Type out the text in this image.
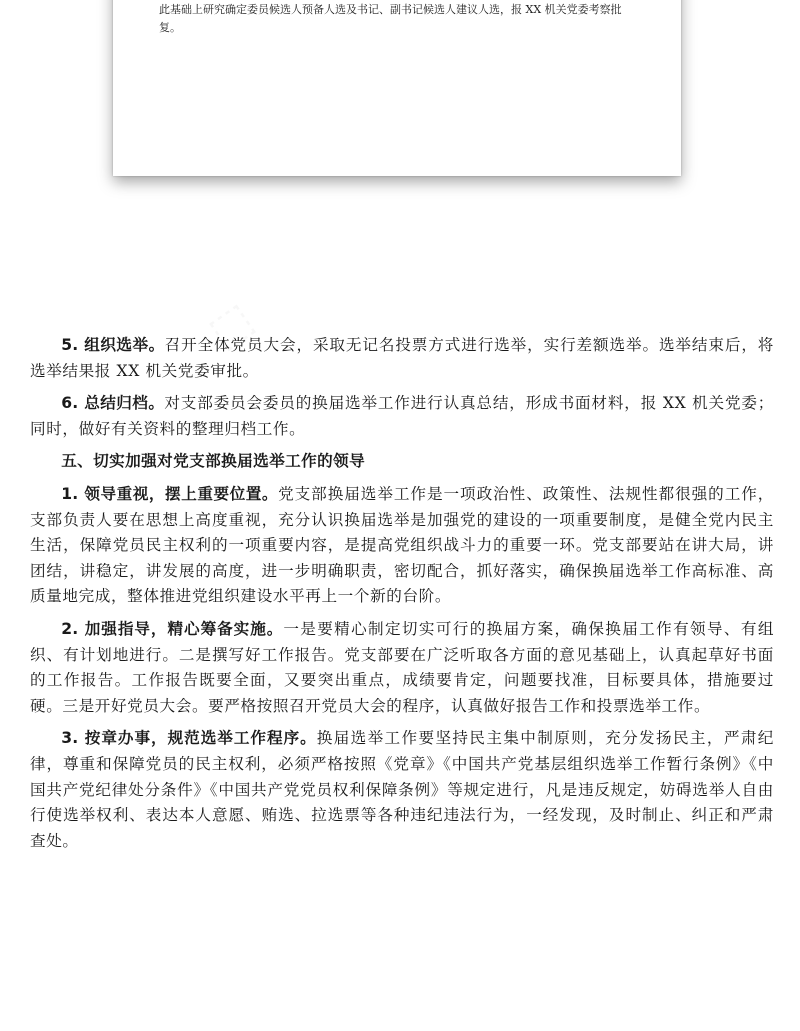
此基础上研究确定委员候选人预备人选及书记、副书记候选人建议人选，报 XX 机关党委考察批复。

⬚

5. 组织选举。召开全体党员大会，采取无记名投票方式进行选举，实行差额选举。选举结束后，将选举结果报 XX 机关党委审批。

6. 总结归档。对支部委员会委员的换届选举工作进行认真总结，形成书面材料，报 XX 机关党委；同时，做好有关资料的整理归档工作。

五、切实加强对党支部换届选举工作的领导

1. 领导重视，摆上重要位置。党支部换届选举工作是一项政治性、政策性、法规性都很强的工作，支部负责人要在思想上高度重视，充分认识换届选举是加强党的建设的一项重要制度，是健全党内民主生活，保障党员民主权利的一项重要内容，是提高党组织战斗力的重要一环。党支部要站在讲大局，讲团结，讲稳定，讲发展的高度，进一步明确职责，密切配合，抓好落实，确保换届选举工作高标准、高质量地完成，整体推进党组织建设水平再上一个新的台阶。

2. 加强指导，精心筹备实施。一是要精心制定切实可行的换届方案，确保换届工作有领导、有组织、有计划地进行。二是撰写好工作报告。党支部要在广泛听取各方面的意见基础上，认真起草好书面的工作报告。工作报告既要全面，又要突出重点，成绩要肯定，问题要找准，目标要具体，措施要过硬。三是开好党员大会。要严格按照召开党员大会的程序，认真做好报告工作和投票选举工作。

3. 按章办事，规范选举工作程序。换届选举工作要坚持民主集中制原则，充分发扬民主，严肃纪律，尊重和保障党员的民主权利，必须严格按照《党章》《中国共产党基层组织选举工作暂行条例》《中国共产党纪律处分条件》《中国共产党党员权利保障条例》等规定进行，凡是违反规定，妨碍选举人自由行使选举权利、表达本人意愿、贿选、拉选票等各种违纪违法行为，一经发现，及时制止、纠正和严肃查处。
